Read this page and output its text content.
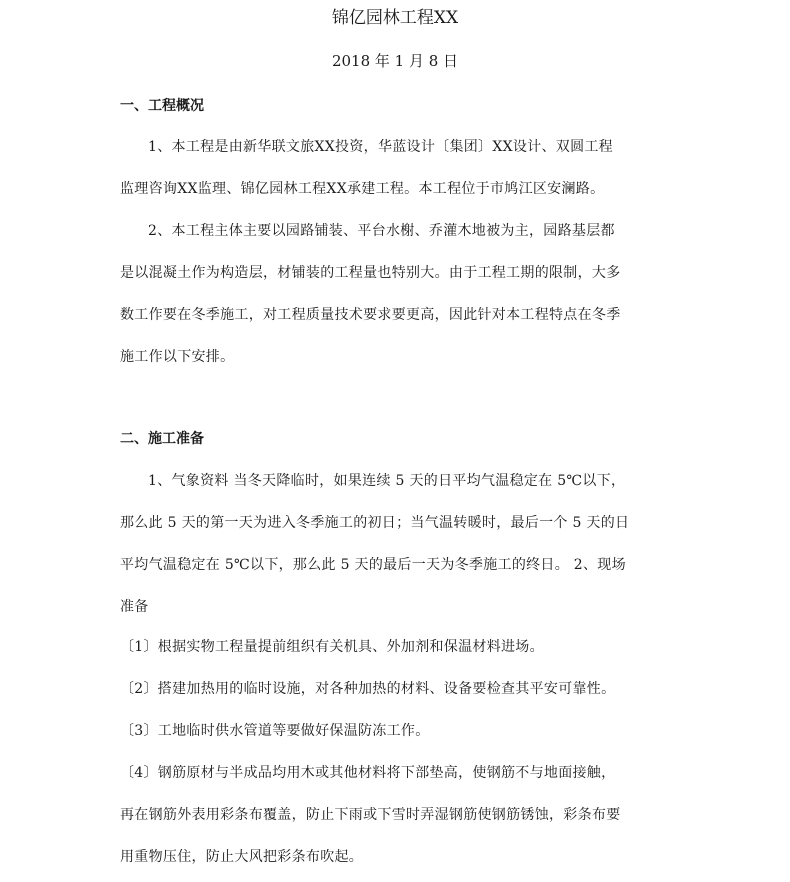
锦亿园林工程XX
2018 年 1 月 8 日
一、工程概况
1、本工程是由新华联文旅XX投资，华蓝设计〔集团〕XX设计、双圆工程
监理咨询XX监理、锦亿园林工程XX承建工程。本工程位于市鸠江区安澜路。
2、本工程主体主要以园路铺装、平台水榭、乔灌木地被为主，园路基层都
是以混凝土作为构造层，材铺装的工程量也特别大。由于工程工期的限制，大多
数工作要在冬季施工，对工程质量技术要求要更高，因此针对本工程特点在冬季
施工作以下安排。
二、施工准备
1、气象资料 当冬天降临时，如果连续 5 天的日平均气温稳定在 5℃以下，
那么此 5 天的第一天为进入冬季施工的初日；当气温转暖时，最后一个 5 天的日
平均气温稳定在 5℃以下，那么此 5 天的最后一天为冬季施工的终日。 2、现场
准备
〔1〕根据实物工程量提前组织有关机具、外加剂和保温材料进场。
〔2〕搭建加热用的临时设施，对各种加热的材料、设备要检查其平安可靠性。
〔3〕工地临时供水管道等要做好保温防冻工作。
〔4〕钢筋原材与半成品均用木或其他材料将下部垫高，使钢筋不与地面接触，
再在钢筋外表用彩条布覆盖，防止下雨或下雪时弄湿钢筋使钢筋锈蚀，彩条布要
用重物压住，防止大风把彩条布吹起。
